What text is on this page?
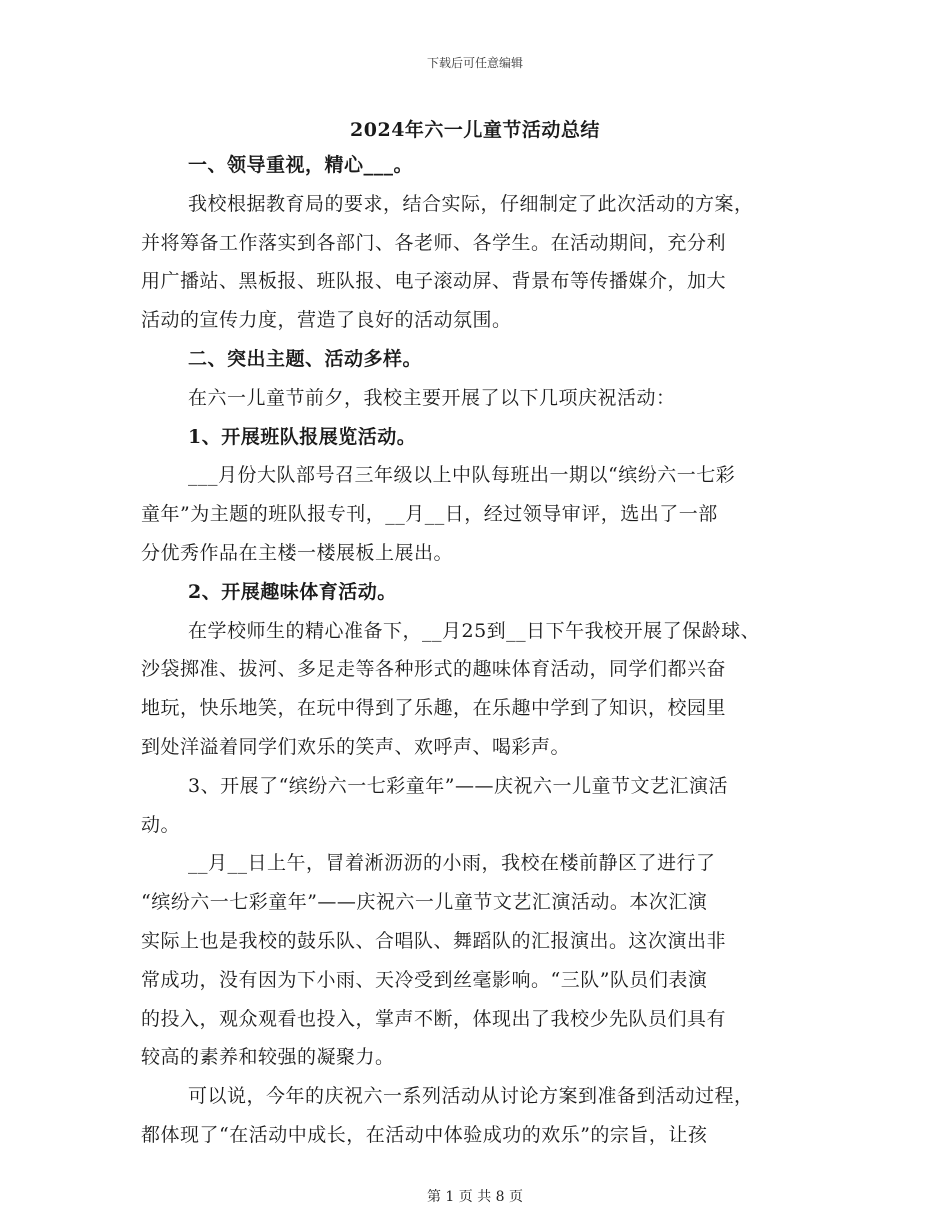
下载后可任意编辑
2024年六一儿童节活动总结
一、领导重视，精心___。
我校根据教育局的要求，结合实际，仔细制定了此次活动的方案，
并将筹备工作落实到各部门、各老师、各学生。在活动期间，充分利
用广播站、黑板报、班队报、电子滚动屏、背景布等传播媒介，加大
活动的宣传力度，营造了良好的活动氛围。
二、突出主题、活动多样。
在六一儿童节前夕，我校主要开展了以下几项庆祝活动：
1、开展班队报展览活动。
___月份大队部号召三年级以上中队每班出一期以“缤纷六一七彩
童年”为主题的班队报专刊，__月__日，经过领导审评，选出了一部
分优秀作品在主楼一楼展板上展出。
2、开展趣味体育活动。
在学校师生的精心准备下，__月25到__日下午我校开展了保龄球、
沙袋掷准、拔河、多足走等各种形式的趣味体育活动，同学们都兴奋
地玩，快乐地笑，在玩中得到了乐趣，在乐趣中学到了知识，校园里
到处洋溢着同学们欢乐的笑声、欢呼声、喝彩声。
3、开展了“缤纷六一七彩童年”——庆祝六一儿童节文艺汇演活
动。
__月__日上午，冒着淅沥沥的小雨，我校在楼前静区了进行了
“缤纷六一七彩童年”——庆祝六一儿童节文艺汇演活动。本次汇演
实际上也是我校的鼓乐队、合唱队、舞蹈队的汇报演出。这次演出非
常成功，没有因为下小雨、天冷受到丝毫影响。“三队”队员们表演
的投入，观众观看也投入，掌声不断，体现出了我校少先队员们具有
较高的素养和较强的凝聚力。
可以说，今年的庆祝六一系列活动从讨论方案到准备到活动过程，
都体现了“在活动中成长，在活动中体验成功的欢乐”的宗旨，让孩
第 1 页 共 8 页
